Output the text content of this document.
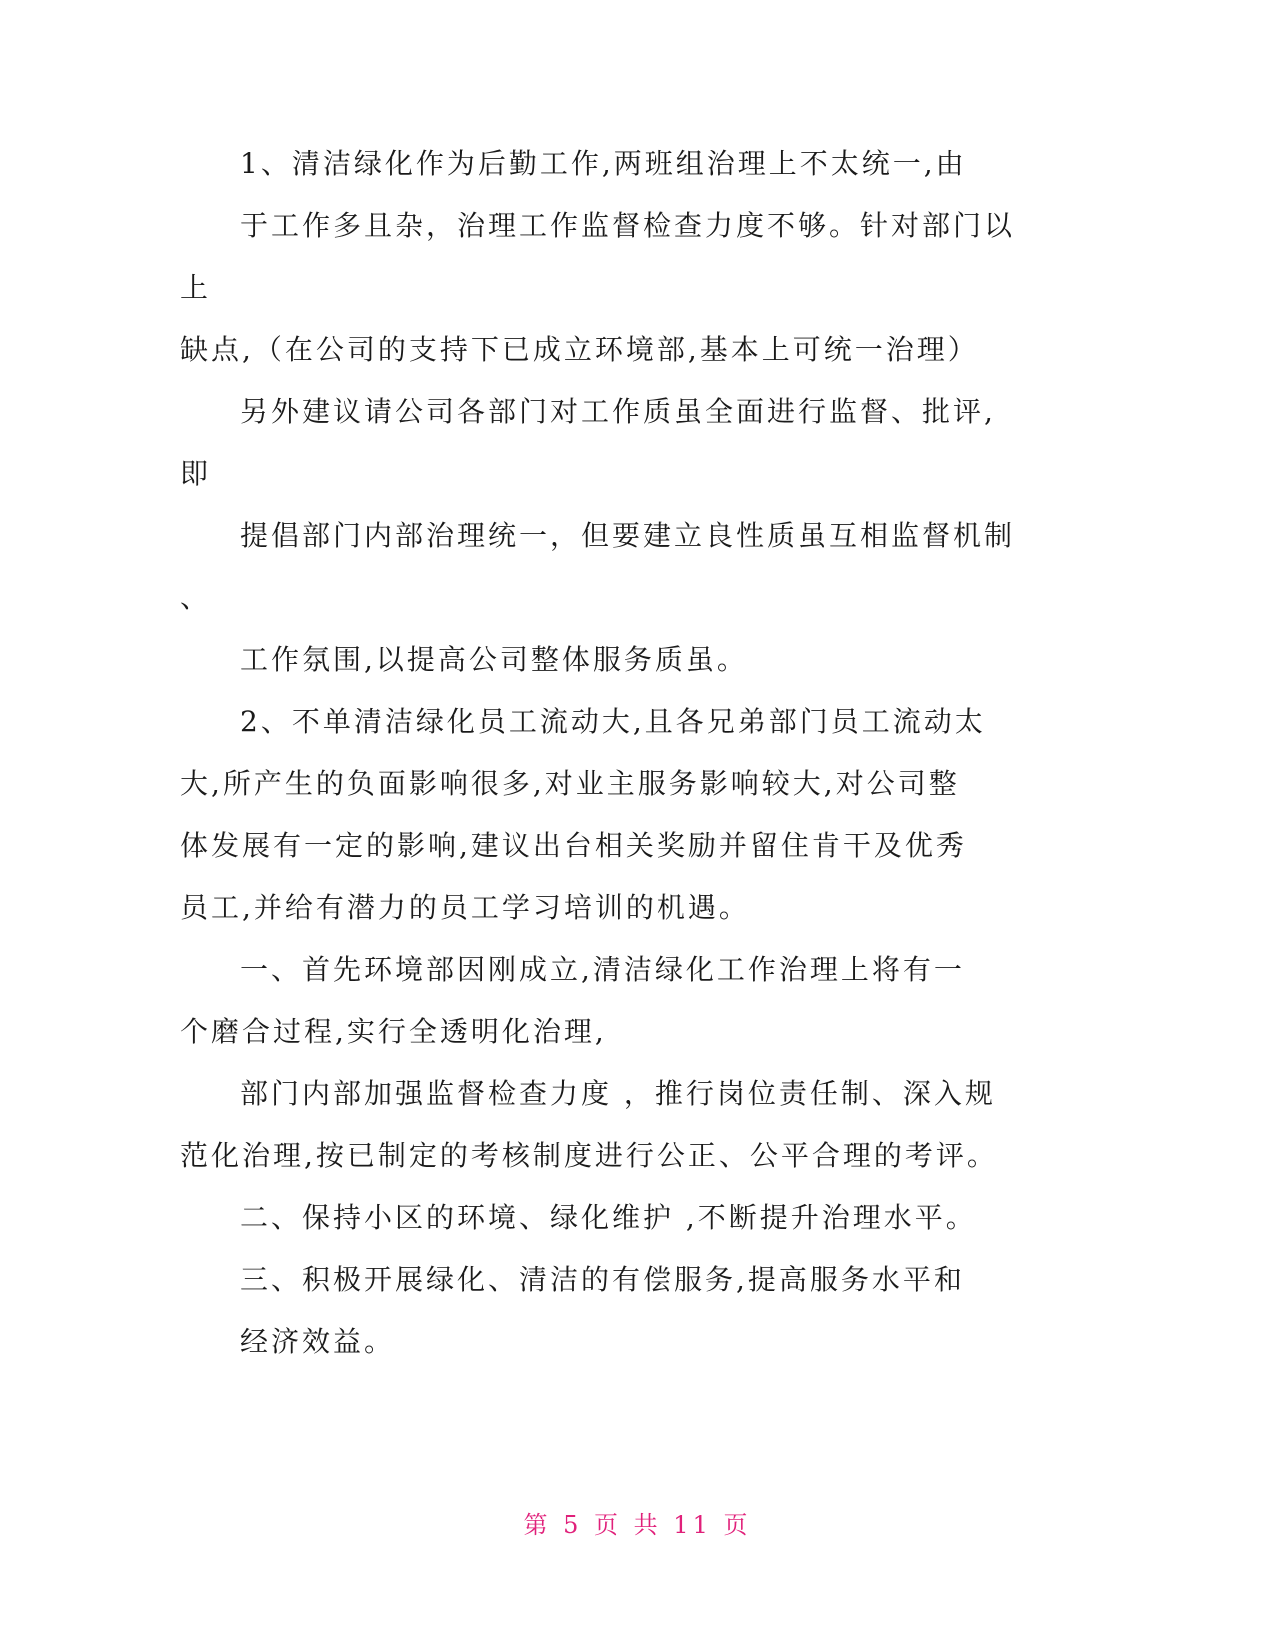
1、清洁绿化作为后勤工作,两班组治理上不太统一,由

于工作多且杂，治理工作监督检查力度不够。针对部门以

上

缺点,（在公司的支持下已成立环境部,基本上可统一治理）

另外建议请公司各部门对工作质虽全面进行监督、批评,

即

提倡部门内部治理统一，但要建立良性质虽互相监督机制

、

工作氛围,以提高公司整体服务质虽。

2、不单清洁绿化员工流动大,且各兄弟部门员工流动太

大,所产生的负面影响很多,对业主服务影响较大,对公司整

体发展有一定的影响,建议出台相关奖励并留住肯干及优秀

员工,并给有潜力的员工学习培训的机遇。

一、首先环境部因刚成立,清洁绿化工作治理上将有一

个磨合过程,实行全透明化治理,

部门内部加强监督检查力度 ，推行岗位责任制、深入规

范化治理,按已制定的考核制度进行公正、公平合理的考评。

二、保持小区的环境、绿化维护 ,不断提升治理水平。

三、积极开展绿化、清洁的有偿服务,提高服务水平和

经济效益。

第 5 页 共 11 页
